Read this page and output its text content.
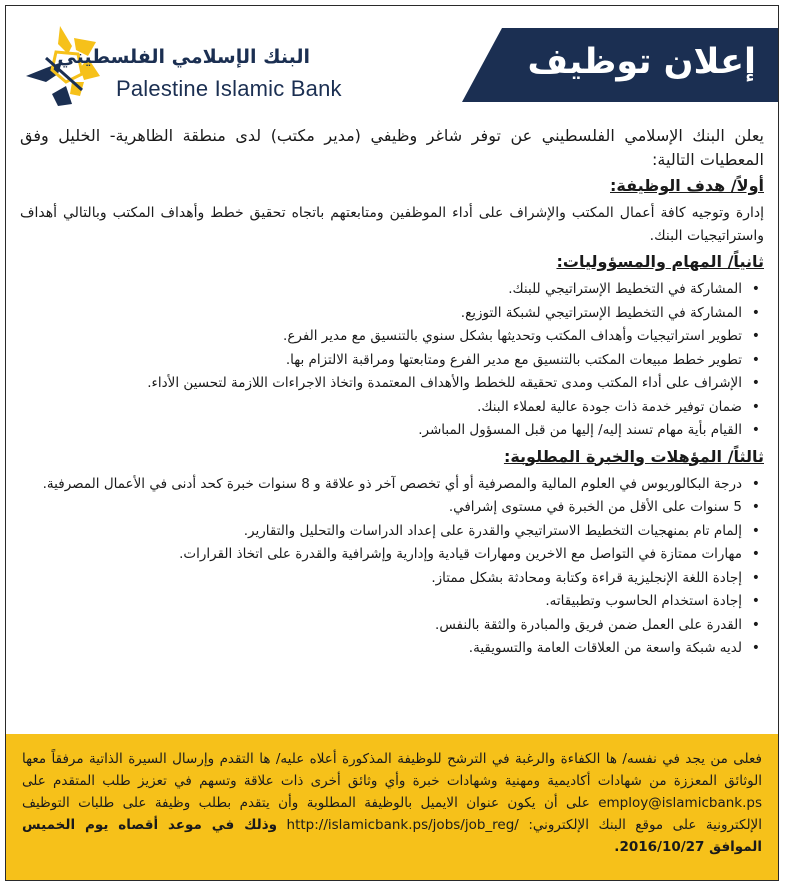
البنك الإسلامي الفلسطيني
Palestine Islamic Bank
إعلان توظيف

يعلن البنك الإسلامي الفلسطيني عن توفر شاغر وظيفي (مدير مكتب) لدى منطقة الظاهرية- الخليل وفق المعطيات التالية:

أولاً/ هدف الوظيفة:

إدارة وتوجيه كافة أعمال المكتب والإشراف على أداء الموظفين ومتابعتهم باتجاه تحقيق خطط وأهداف المكتب وبالتالي أهداف واستراتيجيات البنك.

ثانياً/ المهام والمسؤوليات:
• المشاركة في التخطيط الإستراتيجي للبنك.
• المشاركة في التخطيط الإستراتيجي لشبكة التوزيع.
• تطوير استراتيجيات وأهداف المكتب وتحديثها بشكل سنوي بالتنسيق مع مدير الفرع.
• تطوير خطط مبيعات المكتب بالتنسيق مع مدير الفرع ومتابعتها ومراقبة الالتزام بها.
• الإشراف على أداء المكتب ومدى تحقيقه للخطط والأهداف المعتمدة واتخاذ الاجراءات اللازمة لتحسين الأداء.
• ضمان توفير خدمة ذات جودة عالية لعملاء البنك.
• القيام بأية مهام تسند إليه/ إليها من قبل المسؤول المباشر.
ثالثاً/ المؤهلات والخبرة المطلوبة:
• درجة البكالوريوس في العلوم المالية والمصرفية أو أي تخصص آخر ذو علاقة و 8 سنوات خبرة كحد أدنى في الأعمال المصرفية.
• 5 سنوات على الأقل من الخبرة في مستوى إشرافي.
• إلمام تام بمنهجيات التخطيط الاستراتيجي والقدرة على إعداد الدراسات والتحليل والتقارير.
• مهارات ممتازة في التواصل مع الاخرين ومهارات قيادية وإدارية وإشرافية والقدرة على اتخاذ القرارات.
• إجادة اللغة الإنجليزية قراءة وكتابة ومحادثة بشكل ممتاز.
• إجادة استخدام الحاسوب وتطبيقاته.
• القدرة على العمل ضمن فريق والمبادرة والثقة بالنفس.
• لديه شبكة واسعة من العلاقات العامة والتسويقية.

فعلى من يجد في نفسه/ ها الكفاءة والرغبة في الترشح للوظيفة المذكورة أعلاه عليه/ ها التقدم وإرسال السيرة الذاتية مرفقاً معها الوثائق المعززة من شهادات أكاديمية ومهنية وشهادات خبرة وأي وثائق أخرى ذات علاقة وتسهم في تعزيز طلب المتقدم على employ@islamicbank.ps على أن يكون عنوان الايميل بالوظيفة المطلوبة وأن يتقدم بطلب وظيفة على طلبات التوظيف الإلكترونية على موقع البنك الإلكتروني: http://islamicbank.ps/jobs/job_reg/ وذلك في موعد أقصاه يوم الخميس الموافق 2016/10/27.
